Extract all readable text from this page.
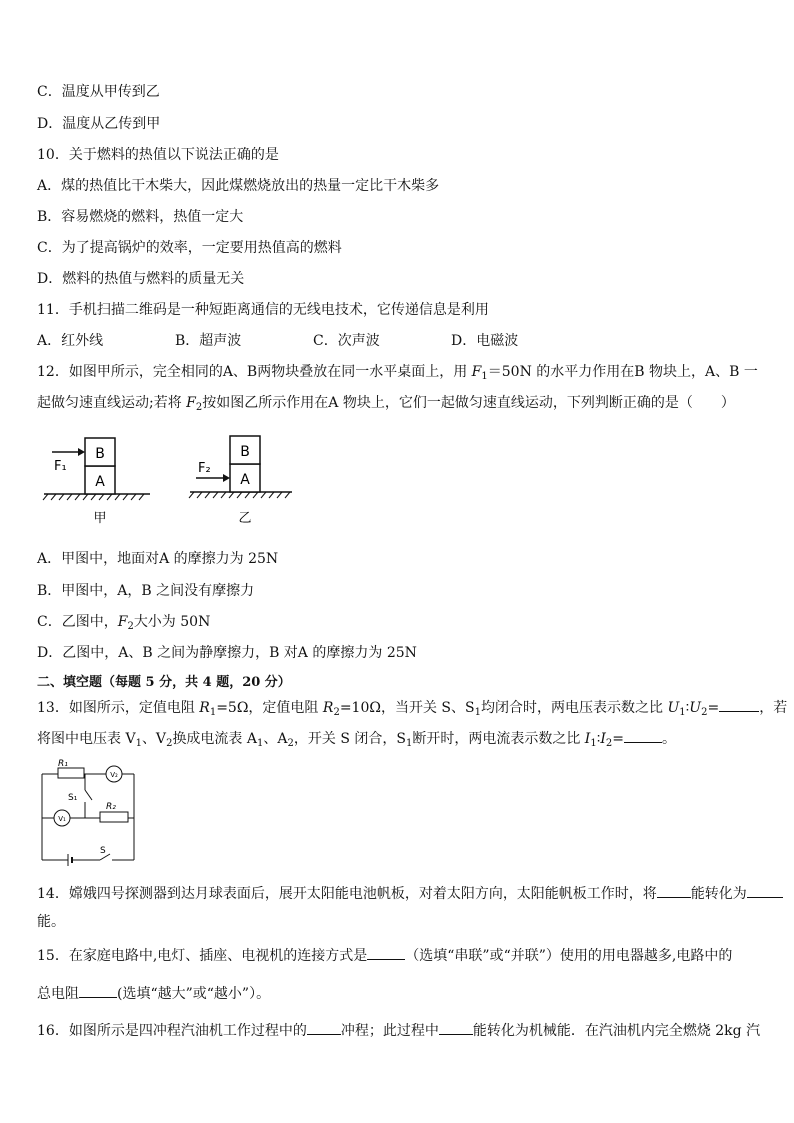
C．温度从甲传到乙
D．温度从乙传到甲
10．关于燃料的热值以下说法正确的是
A．煤的热值比干木柴大，因此煤燃烧放出的热量一定比干木柴多
B．容易燃烧的燃料，热值一定大
C．为了提高锅炉的效率，一定要用热值高的燃料
D．燃料的热值与燃料的质量无关
11．手机扫描二维码是一种短距离通信的无线电技术，它传递信息是利用
A．红外线	B．超声波	C．次声波	D．电磁波
12．如图甲所示，完全相同的A、B两物块叠放在同一水平桌面上，用 $F_1=50N$ 的水平力作用在B 物块上，A、B 一
起做匀速直线运动;若将 $F_2$按如图乙所示作用在A 物块上，它们一起做匀速直线运动，下列判断正确的是（　　）
B
A
F₁
甲
B
A
F₂
乙
A．甲图中，地面对A 的摩擦力为 25N
B．甲图中，A，B 之间没有摩擦力
C．乙图中，$F_2$大小为 50N
D．乙图中，A、B 之间为静摩擦力，B 对A 的摩擦力为 25N
二、填空题（每题 5 分，共 4 题，20 分）
13．如图所示，定值电阻 $R_1=5\Omega$，定值电阻 $R_2=10\Omega$，当开关 S、$S_1$均闭合时，两电压表示数之比 $U_1∶U_2=$	，若
将图中电压表 $V_1$、$V_2$换成电流表 $A_1$、$A_2$，开关 S 闭合，$S_1$断开时，两电流表示数之比 $I_1∶I_2=$	。
R₁
R₂
V₂
V₁
S₁
S
14．嫦娥四号探测器到达月球表面后，展开太阳能电池帆板，对着太阳方向，太阳能帆板工作时，将 能转化为
能。
15．在家庭电路中,电灯、插座、电视机的连接方式是	（选填“串联”或“并联”）使用的用电器越多,电路中的
总电阻	(选填“越大”或“越小”）。
16．如图所示是四冲程汽油机工作过程中的 冲程；此过程中 能转化为机械能．在汽油机内完全燃烧 2kg 汽
